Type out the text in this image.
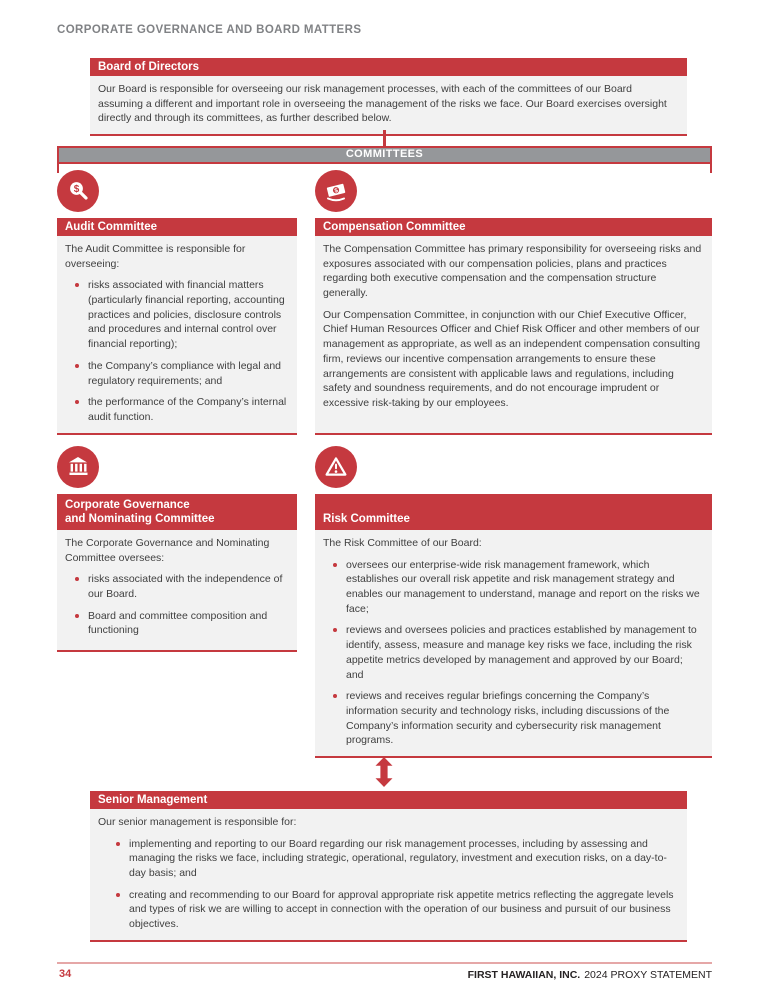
CORPORATE GOVERNANCE AND BOARD MATTERS
Board of Directors
Our Board is responsible for overseeing our risk management processes, with each of the committees of our Board assuming a different and important role in overseeing the management of the risks we face. Our Board exercises oversight directly and through its committees, as further described below.
COMMITTEES
$
Audit Committee
The Audit Committee is responsible for overseeing:
risks associated with financial matters (particularly financial reporting, accounting practices and policies, disclosure controls and procedures and internal control over financial reporting);
the Company’s compliance with legal and regulatory requirements; and
the performance of the Company’s internal audit function.
$
Compensation Committee
The Compensation Committee has primary responsibility for overseeing risks and exposures associated with our compensation policies, plans and practices regarding both executive compensation and the compensation structure generally.
Our Compensation Committee, in conjunction with our Chief Executive Officer, Chief Human Resources Officer and Chief Risk Officer and other members of our management as appropriate, as well as an independent compensation consulting firm, reviews our incentive compensation arrangements to ensure these arrangements are consistent with applicable laws and regulations, including safety and soundness requirements, and do not encourage imprudent or excessive risk-taking by our employees.
Corporate Governance
and Nominating Committee
The Corporate Governance and Nominating Committee oversees:
risks associated with the independence of our Board.
Board and committee composition and functioning
Risk Committee
The Risk Committee of our Board:
oversees our enterprise-wide risk management framework, which establishes our overall risk appetite and risk management strategy and enables our management to understand, manage and report on the risks we face;
reviews and oversees policies and practices established by management to identify, assess, measure and manage key risks we face, including the risk appetite metrics developed by management and approved by our Board; and
reviews and receives regular briefings concerning the Company’s information security and technology risks, including discussions of the Company’s information security and cybersecurity risk management programs.
Senior Management
Our senior management is responsible for:
implementing and reporting to our Board regarding our risk management processes, including by assessing and managing the risks we face, including strategic, operational, regulatory, investment and execution risks, on a day-to-day basis; and
creating and recommending to our Board for approval appropriate risk appetite metrics reflecting the aggregate levels and types of risk we are willing to accept in connection with the operation of our business and pursuit of our business objectives.
34	FIRST HAWAIIAN, INC. 2024 PROXY STATEMENT
